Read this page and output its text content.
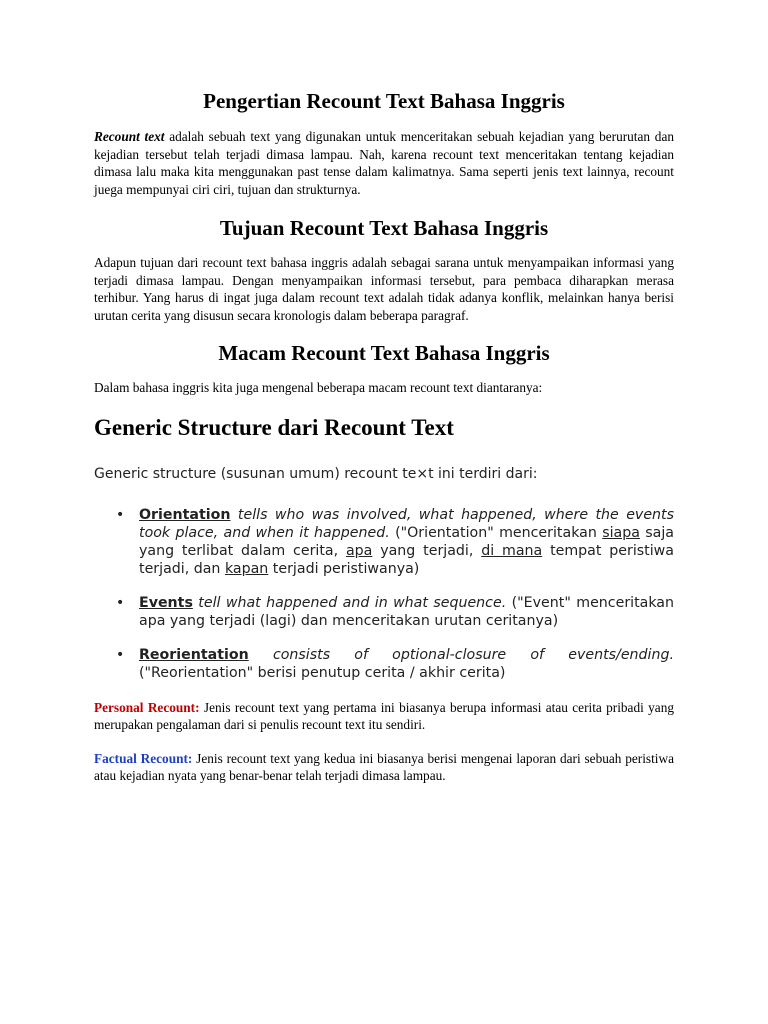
Pengertian Recount Text Bahasa Inggris

Recount text adalah sebuah text yang digunakan untuk menceritakan sebuah kejadian yang berurutan dan kejadian tersebut telah terjadi dimasa lampau. Nah, karena recount text menceritakan tentang kejadian dimasa lalu maka kita menggunakan past tense dalam kalimatnya. Sama seperti jenis text lainnya, recount juega mempunyai ciri ciri, tujuan dan strukturnya.

Tujuan Recount Text Bahasa Inggris

Adapun tujuan dari recount text bahasa inggris adalah sebagai sarana untuk menyampaikan informasi yang terjadi dimasa lampau. Dengan menyampaikan informasi tersebut, para pembaca diharapkan merasa terhibur. Yang harus di ingat juga dalam recount text adalah tidak adanya konflik, melainkan hanya berisi urutan cerita yang disusun secara kronologis dalam beberapa paragraf.

Macam Recount Text Bahasa Inggris

Dalam bahasa inggris kita juga mengenal beberapa macam recount text diantaranya:

Generic Structure dari Recount Text

Generic structure (susunan umum) recount te×t ini terdiri dari:

• Orientation tells who was involved, what happened, where the events took place, and when it happened. ("Orientation" menceritakan siapa saja yang terlibat dalam cerita, apa yang terjadi, di mana tempat peristiwa terjadi, dan kapan terjadi peristiwanya)
• Events tell what happened and in what sequence. ("Event" menceritakan apa yang terjadi (lagi) dan menceritakan urutan ceritanya)
• Reorientation consists of optional-closure of events/ending. ("Reorientation" berisi penutup cerita / akhir cerita)

Personal Recount: Jenis recount text yang pertama ini biasanya berupa informasi atau cerita pribadi yang merupakan pengalaman dari si penulis recount text itu sendiri.

Factual Recount: Jenis recount text yang kedua ini biasanya berisi mengenai laporan dari sebuah peristiwa atau kejadian nyata yang benar-benar telah terjadi dimasa lampau.
